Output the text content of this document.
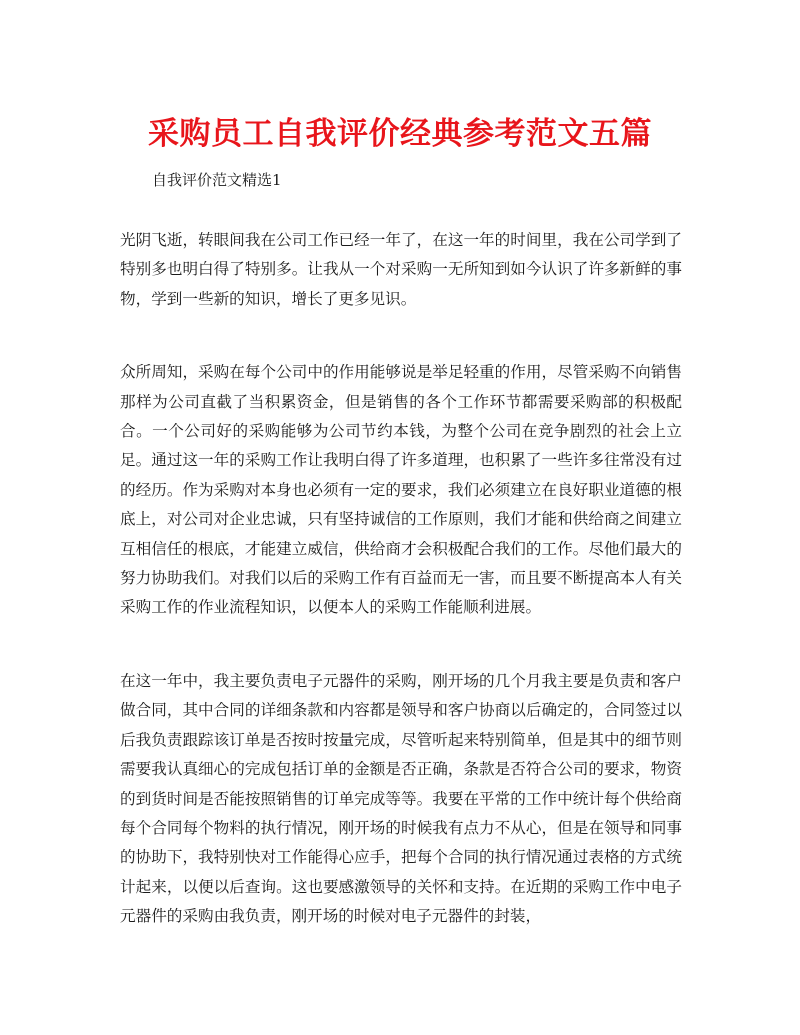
采购员工自我评价经典参考范文五篇
自我评价范文精选1

光阴飞逝，转眼间我在公司工作已经一年了，在这一年的时间里，我在公司学到了特别多也明白得了特别多。让我从一个对采购一无所知到如今认识了许多新鲜的事物，学到一些新的知识，增长了更多见识。

众所周知，采购在每个公司中的作用能够说是举足轻重的作用，尽管采购不向销售那样为公司直截了当积累资金，但是销售的各个工作环节都需要采购部的积极配合。一个公司好的采购能够为公司节约本钱，为整个公司在竞争剧烈的社会上立足。通过这一年的采购工作让我明白得了许多道理，也积累了一些许多往常没有过的经历。作为采购对本身也必须有一定的要求，我们必须建立在良好职业道德的根底上，对公司对企业忠诚，只有坚持诚信的工作原则，我们才能和供给商之间建立互相信任的根底，才能建立威信，供给商才会积极配合我们的工作。尽他们最大的努力协助我们。对我们以后的采购工作有百益而无一害，而且要不断提高本人有关采购工作的作业流程知识，以便本人的采购工作能顺利进展。

在这一年中，我主要负责电子元器件的采购，刚开场的几个月我主要是负责和客户做合同，其中合同的详细条款和内容都是领导和客户协商以后确定的，合同签过以后我负责跟踪该订单是否按时按量完成，尽管听起来特别简单，但是其中的细节则需要我认真细心的完成包括订单的金额是否正确，条款是否符合公司的要求，物资的到货时间是否能按照销售的订单完成等等。我要在平常的工作中统计每个供给商每个合同每个物料的执行情况，刚开场的时候我有点力不从心，但是在领导和同事的协助下，我特别快对工作能得心应手，把每个合同的执行情况通过表格的方式统计起来，以便以后查询。这也要感激领导的关怀和支持。在近期的采购工作中电子元器件的采购由我负责，刚开场的时候对电子元器件的封装，
